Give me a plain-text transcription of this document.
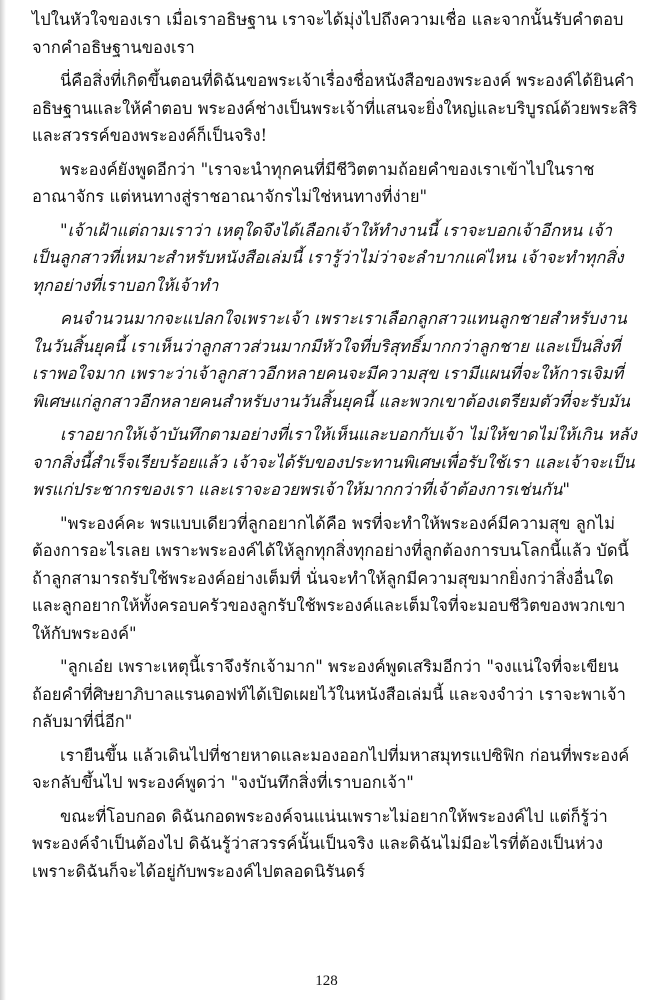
ไปในหัวใจของเรา เมื่อเราอธิษฐาน เราจะได้มุ่งไปถึงความเชื่อ และจากนั้นรับคำตอบจากคำอธิษฐานของเรา

นี่คือสิ่งที่เกิดขึ้นตอนที่ดิฉันขอพระเจ้าเรื่องชื่อหนังสือของพระองค์ พระองค์ได้ยินคำอธิษฐานและให้คำตอบ พระองค์ช่างเป็นพระเจ้าที่แสนจะยิ่งใหญ่และบริบูรณ์ด้วยพระสิริและสวรรค์ของพระองค์ก็เป็นจริง!

พระองค์ยังพูดอีกว่า "เราจะนำทุกคนที่มีชีวิตตามถ้อยคำของเราเข้าไปในราชอาณาจักร แต่หนทางสู่ราชอาณาจักรไม่ใช่หนทางที่ง่าย"

"เจ้าเฝ้าแต่ถามเราว่า เหตุใดจึงได้เลือกเจ้าให้ทำงานนี้ เราจะบอกเจ้าอีกหน เจ้าเป็นลูกสาวที่เหมาะสำหรับหนังสือเล่มนี้ เรารู้ว่าไม่ว่าจะลำบากแค่ไหน เจ้าจะทำทุกสิ่งทุกอย่างที่เราบอกให้เจ้าทำ

คนจำนวนมากจะแปลกใจเพราะเจ้า เพราะเราเลือกลูกสาวแทนลูกชายสำหรับงานในวันสิ้นยุคนี้ เราเห็นว่าลูกสาวส่วนมากมีหัวใจที่บริสุทธิ์มากกว่าลูกชาย และเป็นสิ่งที่เราพอใจมาก เพราะว่าเจ้าลูกสาวอีกหลายคนจะมีความสุข เรามีแผนที่จะให้การเจิมที่พิเศษแก่ลูกสาวอีกหลายคนสำหรับงานวันสิ้นยุคนี้ และพวกเขาต้องเตรียมตัวที่จะรับมัน

เราอยากให้เจ้าบันทึกตามอย่างที่เราให้เห็นและบอกกับเจ้า ไม่ให้ขาดไม่ให้เกิน หลังจากสิ่งนี้สำเร็จเรียบร้อยแล้ว เจ้าจะได้รับของประทานพิเศษเพื่อรับใช้เรา และเจ้าจะเป็นพรแก่ประชากรของเรา และเราจะอวยพรเจ้าให้มากกว่าที่เจ้าต้องการเช่นกัน"

"พระองค์คะ พรแบบเดียวที่ลูกอยากได้คือ พรที่จะทำให้พระองค์มีความสุข ลูกไม่ต้องการอะไรเลย เพราะพระองค์ได้ให้ลูกทุกสิ่งทุกอย่างที่ลูกต้องการบนโลกนี้แล้ว บัดนี้ถ้าลูกสามารถรับใช้พระองค์อย่างเต็มที่ นั่นจะทำให้ลูกมีความสุขมากยิ่งกว่าสิ่งอื่นใด และลูกอยากให้ทั้งครอบครัวของลูกรับใช้พระองค์และเต็มใจที่จะมอบชีวิตของพวกเขาให้กับพระองค์"

"ลูกเอ๋ย เพราะเหตุนี้เราจึงรักเจ้ามาก" พระองค์พูดเสริมอีกว่า "จงแน่ใจที่จะเขียนถ้อยคำที่ศิษยาภิบาลแรนดอฟท์ได้เปิดเผยไว้ในหนังสือเล่มนี้ และจงจำว่า เราจะพาเจ้ากลับมาที่นี่อีก"

เรายืนขึ้น แล้วเดินไปที่ชายหาดและมองออกไปที่มหาสมุทรแปซิฟิก ก่อนที่พระองค์จะกลับขึ้นไป พระองค์พูดว่า "จงบันทึกสิ่งที่เราบอกเจ้า"

ขณะที่โอบกอด ดิฉันกอดพระองค์จนแน่นเพราะไม่อยากให้พระองค์ไป แต่ก็รู้ว่าพระองค์จำเป็นต้องไป ดิฉันรู้ว่าสวรรค์นั้นเป็นจริง และดิฉันไม่มีอะไรที่ต้องเป็นห่วงเพราะดิฉันก็จะได้อยู่กับพระองค์ไปตลอดนิรันดร์

128
